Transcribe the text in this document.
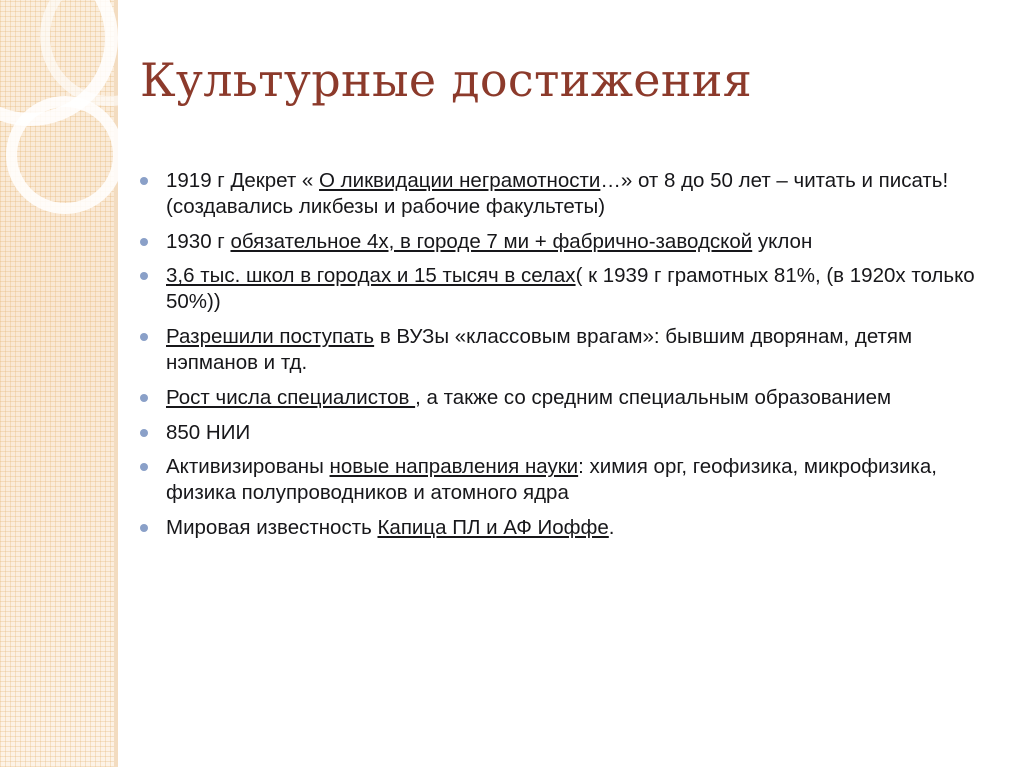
Культурные достижения
1919 г Декрет « О ликвидации неграмотности…» от 8 до 50 лет – читать и писать! (создавались ликбезы и рабочие факультеты)
1930 г обязательное 4х, в городе 7 ми + фабрично-заводской уклон
3,6 тыс. школ в городах и 15 тысяч в селах( к 1939 г грамотных 81%, (в 1920х только 50%))
Разрешили поступать в ВУЗы «классовым врагам»: бывшим дворянам, детям нэпманов и тд.
Рост числа специалистов , а также со средним специальным образованием
850 НИИ
Активизированы новые направления науки: химия орг, геофизика, микрофизика, физика полупроводников и атомного ядра
Мировая известность Капица ПЛ и АФ Иоффе.
